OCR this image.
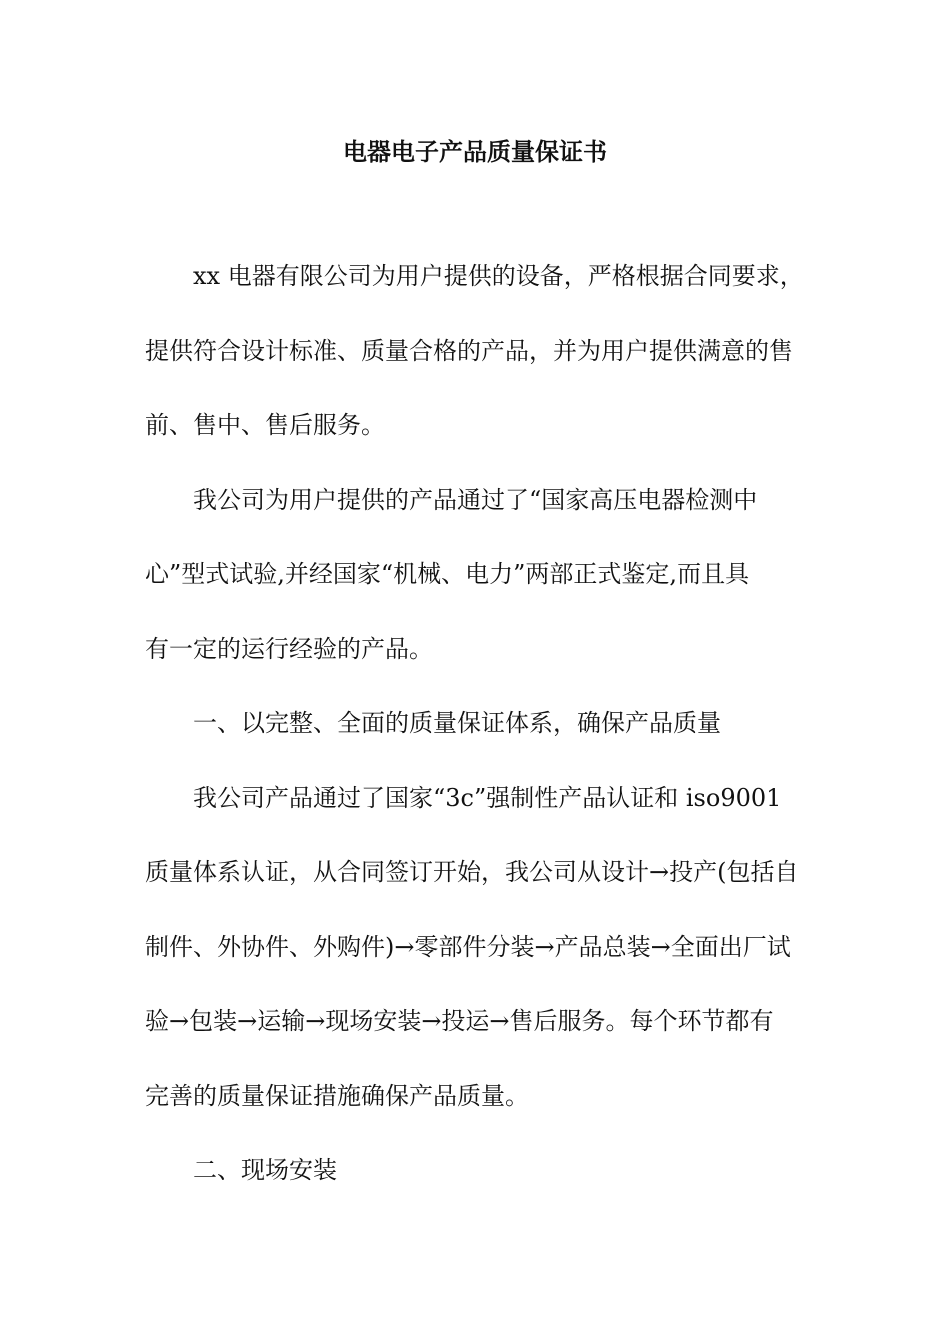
电器电子产品质量保证书
xx 电器有限公司为用户提供的设备，严格根据合同要求，
提供符合设计标准、质量合格的产品，并为用户提供满意的售
前、售中、售后服务。
我公司为用户提供的产品通过了“国家高压电器检测中
心”型式试验,并经国家“机械、电力”两部正式鉴定,而且具
有一定的运行经验的产品。
一、以完整、全面的质量保证体系，确保产品质量
我公司产品通过了国家“3c”强制性产品认证和 iso9001
质量体系认证，从合同签订开始，我公司从设计→投产(包括自
制件、外协件、外购件)→零部件分装→产品总装→全面出厂试
验→包装→运输→现场安装→投运→售后服务。每个环节都有
完善的质量保证措施确保产品质量。
二、现场安装
